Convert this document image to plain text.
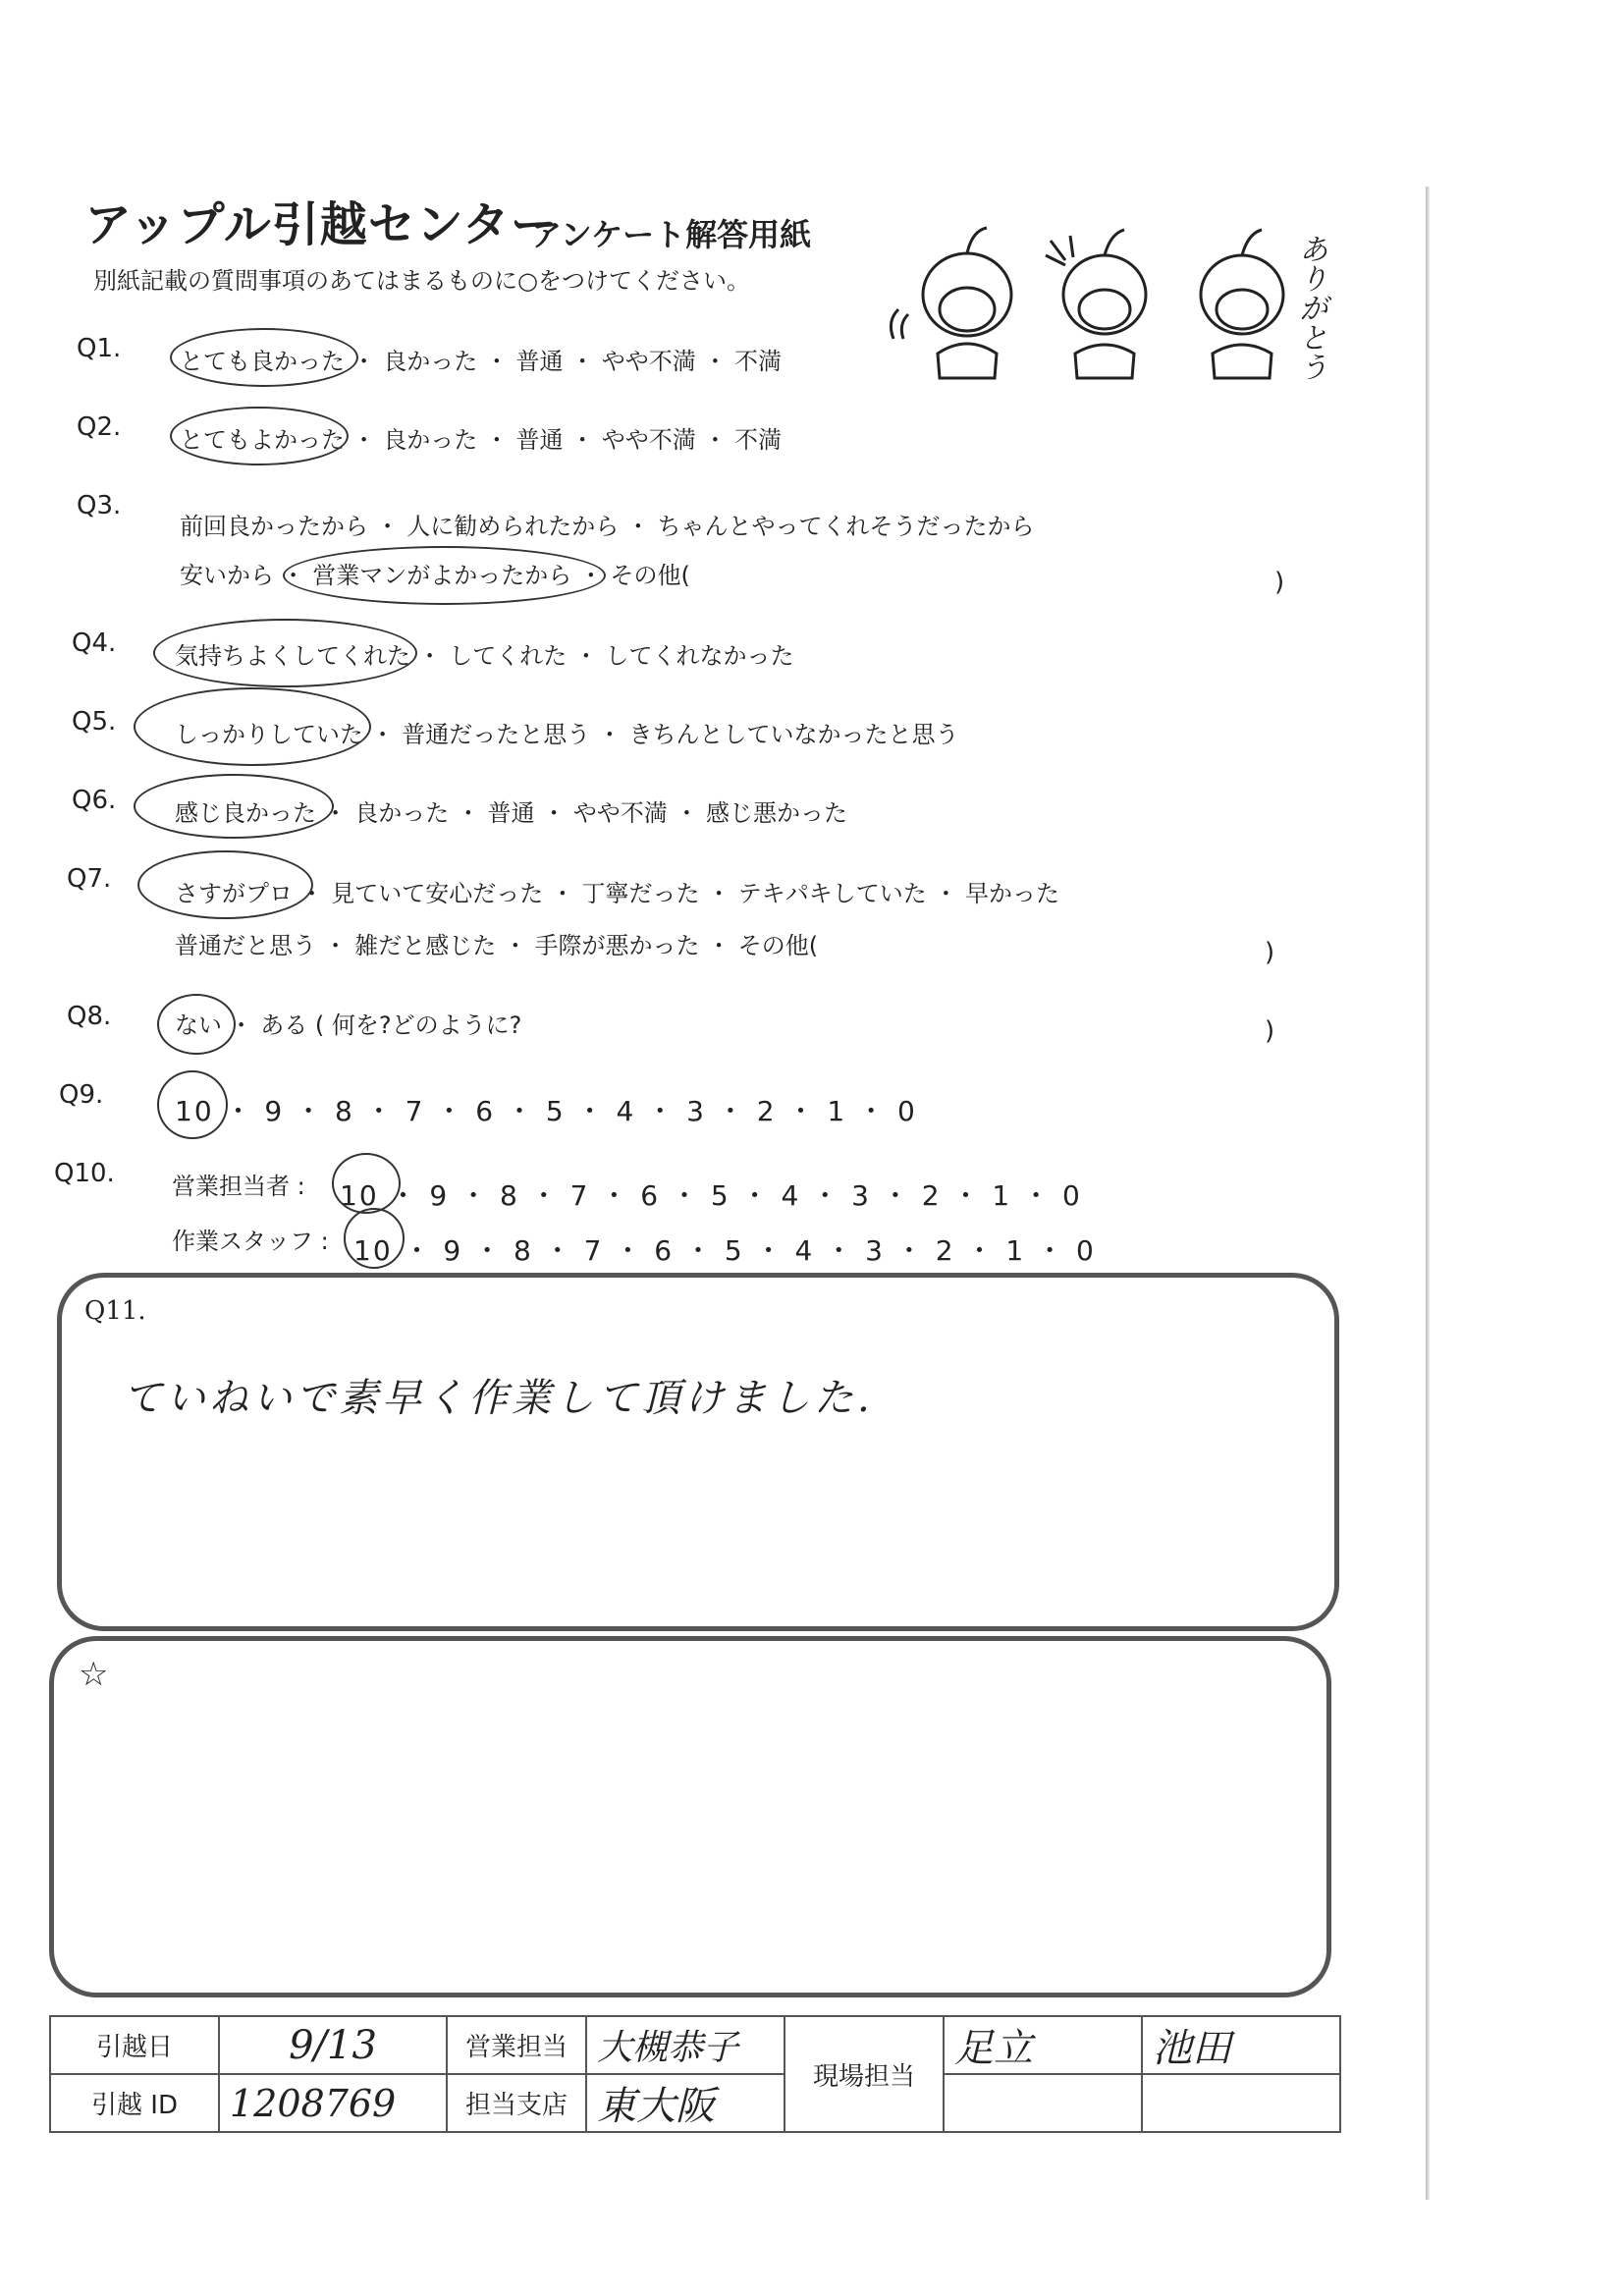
アップル引越センター
アンケート解答用紙
別紙記載の質問事項のあてはまるものに○をつけてください。	ありがとう
Q1. とても良かった ・ 良かった ・ 普通 ・ やや不満 ・ 不満
Q2. とてもよかった ・ 良かった ・ 普通 ・ やや不満 ・ 不満
Q3.
前回良かったから ・ 人に勧められたから ・ ちゃんとやってくれそうだったから
安いから ・ 営業マンがよかったから ・ その他(	)
Q4. 気持ちよくしてくれた ・ してくれた ・ してくれなかった
Q5. しっかりしていた ・ 普通だったと思う ・ きちんとしていなかったと思う
Q6. 感じ良かった ・ 良かった ・ 普通 ・ やや不満 ・ 感じ悪かった
Q7.	さすがプロ ・ 見ていて安心だった ・ 丁寧だった ・ テキパキしていた ・ 早かった
普通だと思う ・ 雑だと感じた ・ 手際が悪かった ・ その他(	)
Q8.	ない ・ ある ( 何を?どのように?	)
Q9.	10 ・ 9 ・ 8 ・ 7 ・ 6 ・ 5 ・ 4 ・ 3 ・ 2 ・ 1 ・ 0
Q10. 営業担当者 : 10 ・ 9 ・ 8 ・ 7 ・ 6 ・ 5 ・ 4 ・ 3 ・ 2 ・ 1 ・ 0
作業スタッフ : 10 ・ 9 ・ 8 ・ 7 ・ 6 ・ 5 ・ 4 ・ 3 ・ 2 ・ 1 ・ 0
Q11.
ていねいで素早く作業して頂けました.
☆
引越日	9/13	営業担当	大槻恭子	現場担当	足立	池田
引越 ID	1208769	担当支店	東大阪			
